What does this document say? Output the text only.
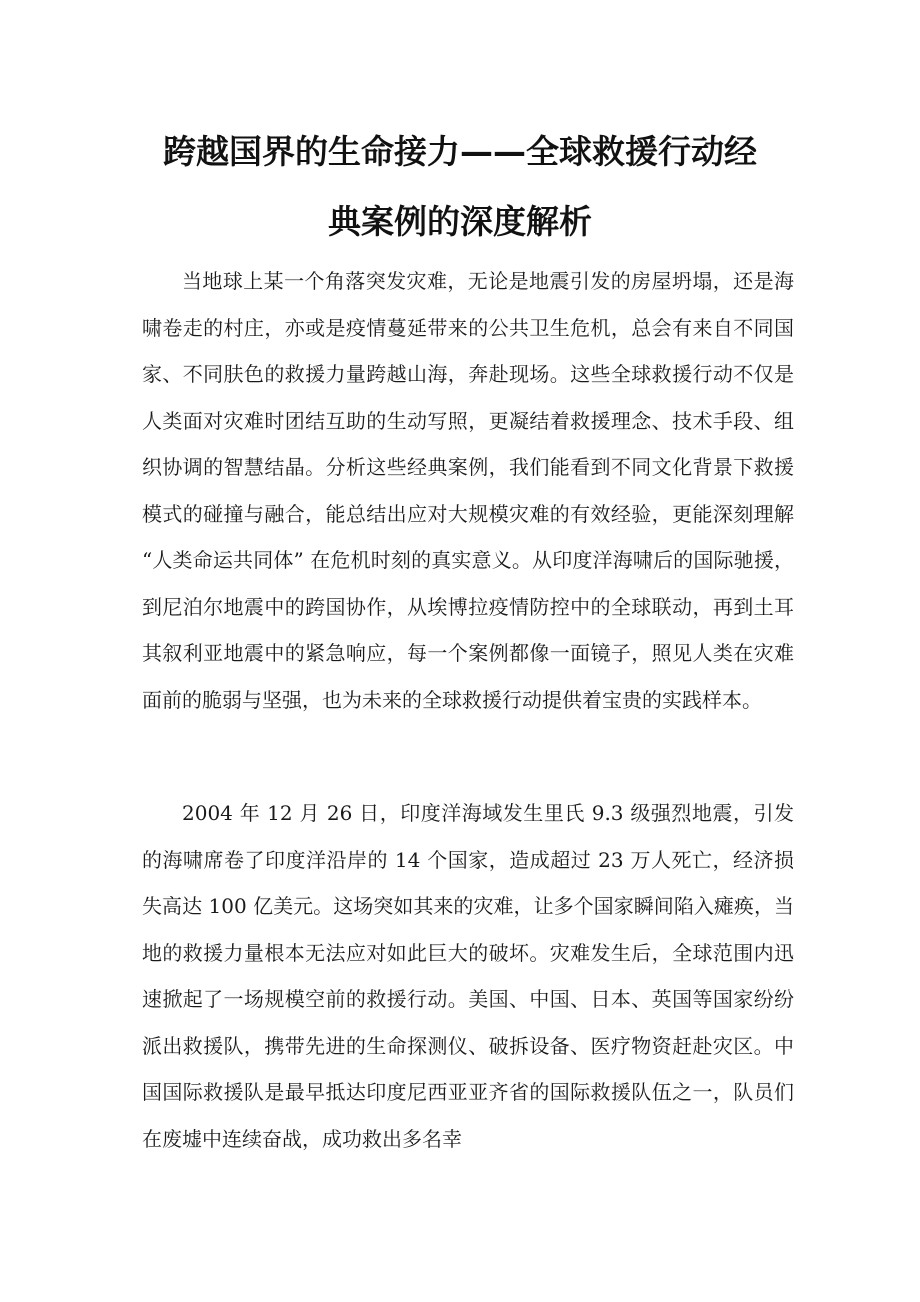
跨越国界的生命接力——全球救援行动经
典案例的深度解析

当地球上某一个角落突发灾难，无论是地震引发的房屋坍塌，还是海啸卷走的村庄，亦或是疫情蔓延带来的公共卫生危机，总会有来自不同国家、不同肤色的救援力量跨越山海，奔赴现场。这些全球救援行动不仅是人类面对灾难时团结互助的生动写照，更凝结着救援理念、技术手段、组织协调的智慧结晶。分析这些经典案例，我们能看到不同文化背景下救援模式的碰撞与融合，能总结出应对大规模灾难的有效经验，更能深刻理解 “人类命运共同体” 在危机时刻的真实意义。从印度洋海啸后的国际驰援，到尼泊尔地震中的跨国协作，从埃博拉疫情防控中的全球联动，再到土耳其叙利亚地震中的紧急响应，每一个案例都像一面镜子，照见人类在灾难面前的脆弱与坚强，也为未来的全球救援行动提供着宝贵的实践样本。

2004 年 12 月 26 日，印度洋海域发生里氏 9.3 级强烈地震，引发的海啸席卷了印度洋沿岸的 14 个国家，造成超过 23 万人死亡，经济损失高达 100 亿美元。这场突如其来的灾难，让多个国家瞬间陷入瘫痪，当地的救援力量根本无法应对如此巨大的破坏。灾难发生后，全球范围内迅速掀起了一场规模空前的救援行动。美国、中国、日本、英国等国家纷纷派出救援队，携带先进的生命探测仪、破拆设备、医疗物资赶赴灾区。中国国际救援队是最早抵达印度尼西亚亚齐省的国际救援队伍之一，队员们在废墟中连续奋战，成功救出多名幸
